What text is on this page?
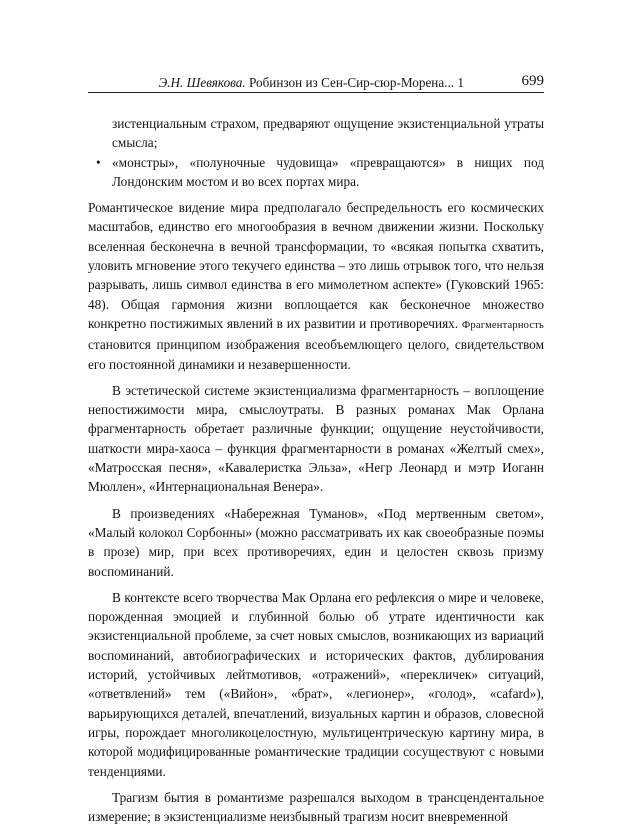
Э.Н. Шевякова. Робинзон из Сен-Сир-сюр-Морена... 1	699
зистенциальным страхом, предваряют ощущение экзистенциальной утраты смысла;
• «монстры», «полуночные чудовища» «превращаются» в нищих под Лондонским мостом и во всех портах мира.

Романтическое видение мира предполагало беспредельность его космических масштабов, единство его многообразия в вечном движении жизни. Поскольку вселенная бесконечна в вечной трансформации, то «всякая попытка схватить, уловить мгновение этого текучего единства – это лишь отрывок того, что нельзя разрывать, лишь символ единства в его мимолетном аспекте» (Гуковский 1965: 48). Общая гармония жизни воплощается как бесконечное множество конкретно постижимых явлений в их развитии и противоречиях. Фрагментарность становится принципом изображения всеобъемлющего целого, свидетельством его постоянной динамики и незавершенности.

В эстетической системе экзистенциализма фрагментарность – воплощение непостижимости мира, смыслоутраты. В разных романах Мак Орлана фрагментарность обретает различные функции; ощущение неустойчивости, шаткости мира-хаоса – функция фрагментарности в романах «Желтый смех», «Матросская песня», «Кавалеристка Эльза», «Негр Леонард и мэтр Иоганн Мюллен», «Интернациональная Венера».

В произведениях «Набережная Туманов», «Под мертвенным светом», «Малый колокол Сорбонны» (можно рассматривать их как своеобразные поэмы в прозе) мир, при всех противоречиях, един и целостен сквозь призму воспоминаний.

В контексте всего творчества Мак Орлана его рефлексия о мире и человеке, порожденная эмоцией и глубинной болью об утрате идентичности как экзистенциальной проблеме, за счет новых смыслов, возникающих из вариаций воспоминаний, автобиографических и исторических фактов, дублирования историй, устойчивых лейтмотивов, «отражений», «перекличек» ситуаций, «ответвлений» тем («Вийон», «брат», «легионер», «голод», «cafard»), варьирующихся деталей, впечатлений, визуальных картин и образов, словесной игры, порождает многоликоцелостную, мультицентрическую картину мира, в которой модифицированные романтические традиции сосуществуют с новыми тенденциями.

Трагизм бытия в романтизме разрешался выходом в трансцендентальное измерение; в экзистенциализме неизбывный трагизм носит вневременной
